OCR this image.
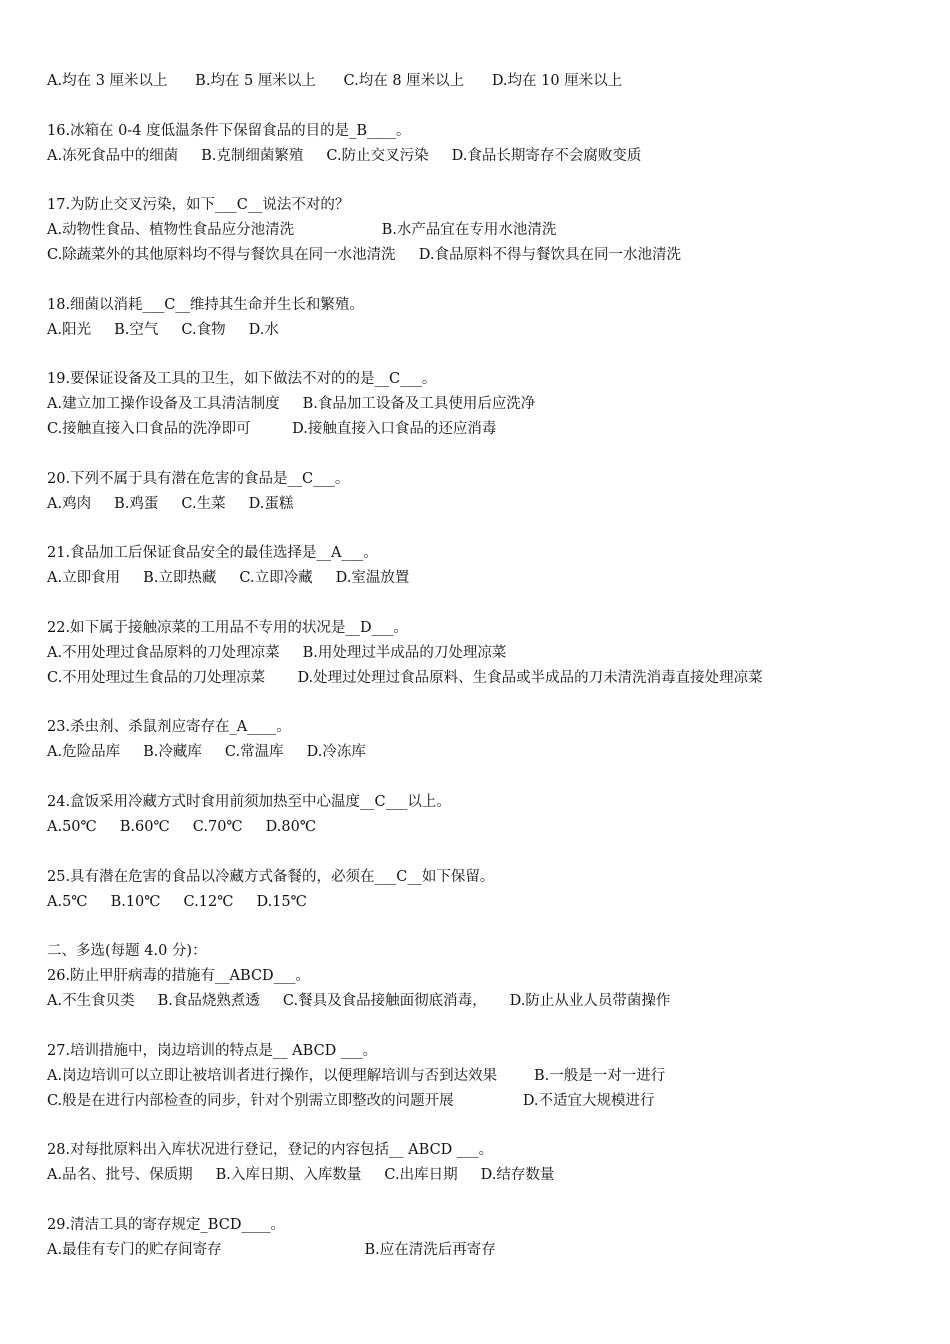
A.均在 3 厘米以上      B.均在 5 厘米以上      C.均在 8 厘米以上      D.均在 10 厘米以上
16.冰箱在 0-4 度低温条件下保留食品的目的是_B____。
A.冻死食品中的细菌     B.克制细菌繁殖     C.防止交叉污染     D.食品长期寄存不会腐败变质
17.为防止交叉污染，如下___C__说法不对的？
A.动物性食品、植物性食品应分池清洗                   B.水产品宜在专用水池清洗
C.除蔬菜外的其他原料均不得与餐饮具在同一水池清洗     D.食品原料不得与餐饮具在同一水池清洗
18.细菌以消耗___C__维持其生命并生长和繁殖。
A.阳光     B.空气     C.食物     D.水
19.要保证设备及工具的卫生，如下做法不对的的是__C___。
A.建立加工操作设备及工具清洁制度     B.食品加工设备及工具使用后应洗净
C.接触直接入口食品的洗净即可         D.接触直接入口食品的还应消毒
20.下列不属于具有潜在危害的食品是__C___。
A.鸡肉     B.鸡蛋     C.生菜     D.蛋糕
21.食品加工后保证食品安全的最佳选择是__A___。
A.立即食用     B.立即热藏     C.立即冷藏     D.室温放置
22.如下属于接触凉菜的工用品不专用的状况是__D___。
A.不用处理过食品原料的刀处理凉菜     B.用处理过半成品的刀处理凉菜
C.不用处理过生食品的刀处理凉菜       D.处理过处理过食品原料、生食品或半成品的刀未清洗消毒直接处理凉菜
23.杀虫剂、杀鼠剂应寄存在_A____。
A.危险品库     B.冷藏库     C.常温库     D.冷冻库
24.盒饭采用冷藏方式时食用前须加热至中心温度__C___以上。
A.50℃     B.60℃     C.70℃     D.80℃
25.具有潜在危害的食品以冷藏方式备餐的，必须在___C__如下保留。
A.5℃     B.10℃     C.12℃     D.15℃
二、多选(每题 4.0 分)：
26.防止甲肝病毒的措施有__ABCD___。
A.不生食贝类     B.食品烧熟煮透     C.餐具及食品接触面彻底消毒，     D.防止从业人员带菌操作
27.培训措施中，岗边培训的特点是__ ABCD ___。
A.岗边培训可以立即让被培训者进行操作，以便理解培训与否到达效果        B.一般是一对一进行
C.般是在进行内部检查的同步，针对个别需立即整改的问题开展               D.不适宜大规模进行
28.对每批原料出入库状况进行登记，登记的内容包括__ ABCD ___。
A.品名、批号、保质期     B.入库日期、入库数量     C.出库日期     D.结存数量
29.清洁工具的寄存规定_BCD____。
A.最佳有专门的贮存间寄存                               B.应在清洗后再寄存
